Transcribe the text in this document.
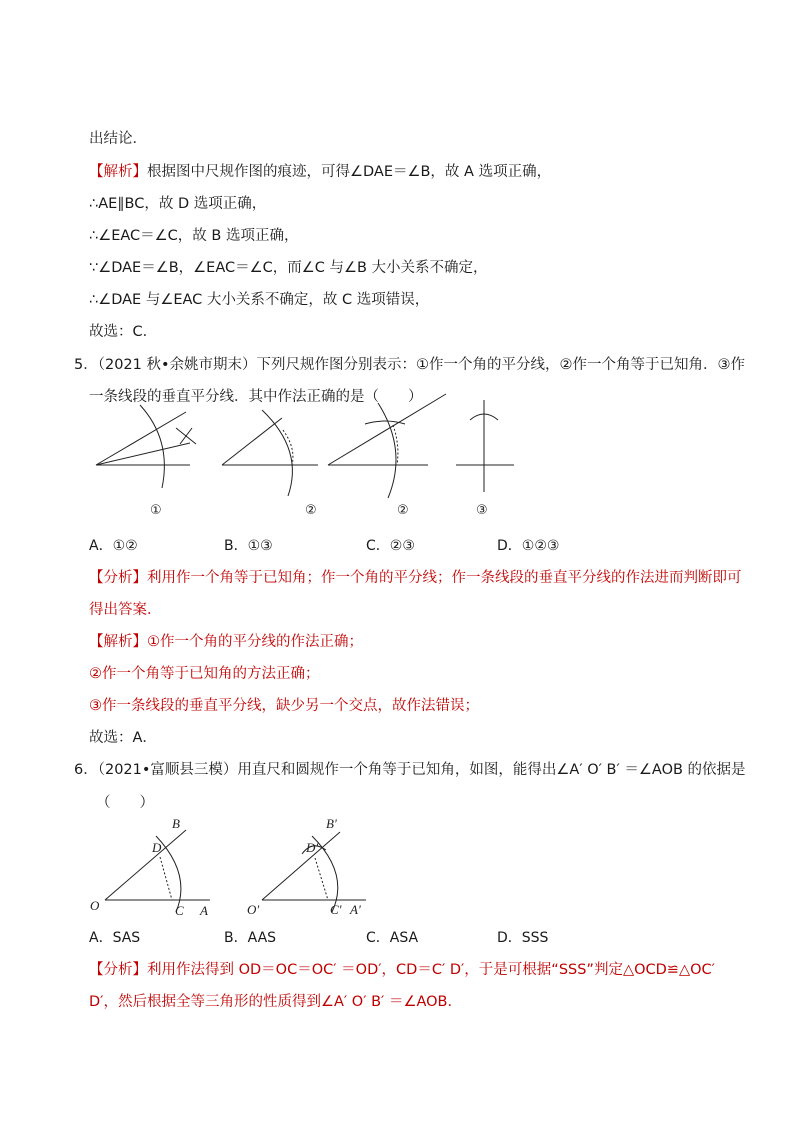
出结论．
【解析】根据图中尺规作图的痕迹，可得∠DAE＝∠B，故 A 选项正确，
∴AE∥BC，故 D 选项正确，
∴∠EAC＝∠C，故 B 选项正确，
∵∠DAE＝∠B，∠EAC＝∠C，而∠C 与∠B 大小关系不确定，
∴∠DAE 与∠EAC 大小关系不确定，故 C 选项错误，
故选：C．
5．（2021 秋•余姚市期末）下列尺规作图分别表示：①作一个角的平分线，②作一个角等于已知角．③作
一条线段的垂直平分线．其中作法正确的是（　　）
①	②	②	③
A．①②	B．①③	C．②③	D．①②③
【分析】利用作一个角等于已知角；作一个角的平分线；作一条线段的垂直平分线的作法进而判断即可
得出答案．
【解析】①作一个角的平分线的作法正确；
②作一个角等于已知角的方法正确；
③作一条线段的垂直平分线，缺少另一个交点，故作法错误；
故选：A．
6．（2021•富顺县三模）用直尺和圆规作一个角等于已知角，如图，能得出∠A′ O′ B′ ＝∠AOB 的依据是
（　　）
B
D
O	C A
B′
D′
O′	C′ A′
A．SAS	B．AAS	C．ASA	D．SSS
【分析】利用作法得到 OD＝OC＝OC′ ＝OD′，CD＝C′ D′，于是可根据“SSS”判定△OCD≌△OC′
D′，然后根据全等三角形的性质得到∠A′ O′ B′ ＝∠AOB．
